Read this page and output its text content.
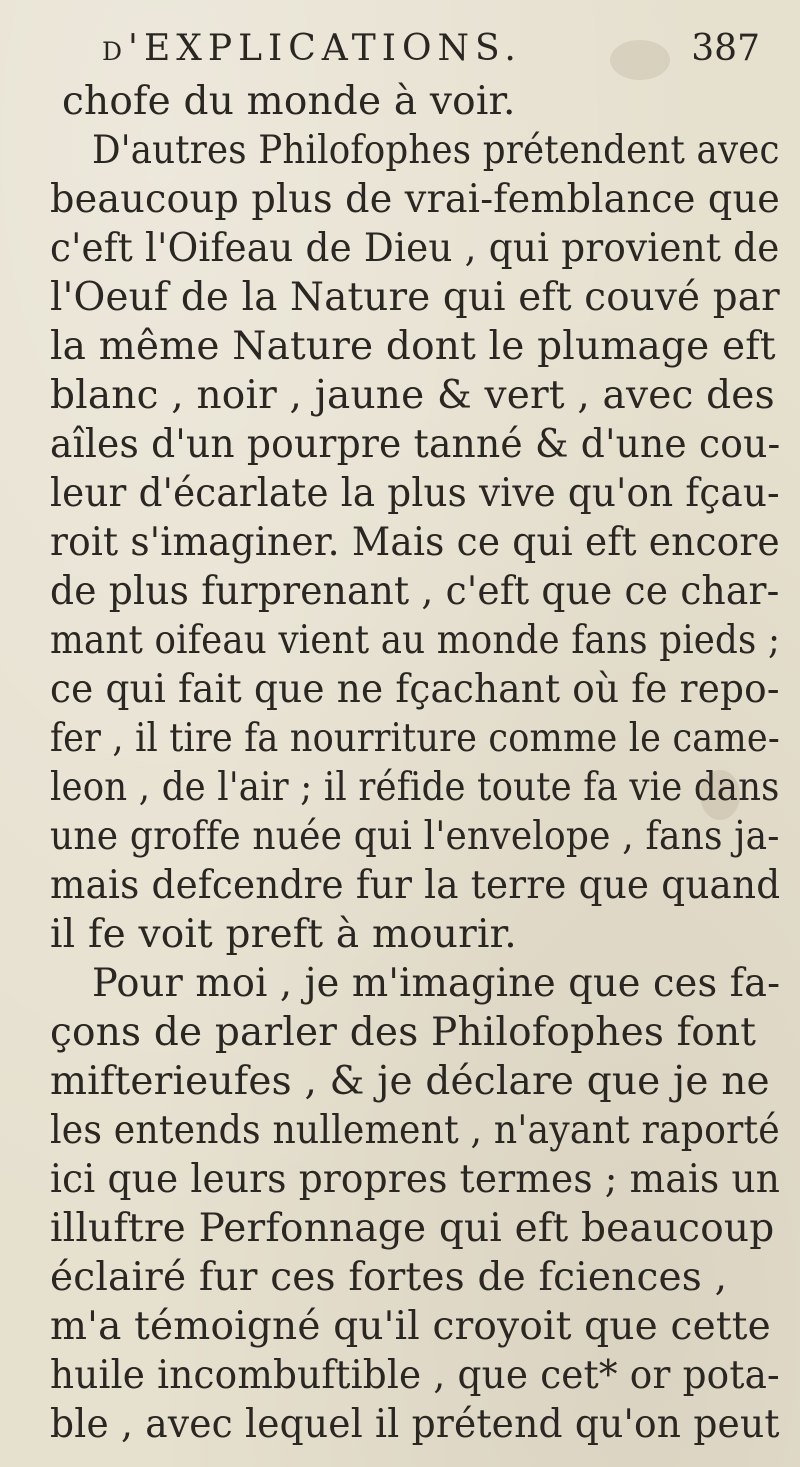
d'EXPLICATIONS.	387
chofe du monde à voir.
D'autres Philofophes prétendent avec
beaucoup plus de vrai-femblance que
c'eft l'Oifeau de Dieu , qui provient de
l'Oeuf de la Nature qui eft couvé par
la même Nature dont le plumage eft
blanc , noir , jaune & vert , avec des
aîles d'un pourpre tanné & d'une cou-
leur d'écarlate la plus vive qu'on fçau-
roit s'imaginer. Mais ce qui eft encore
de plus furprenant , c'eft que ce char-
mant oifeau vient au monde fans pieds ;
ce qui fait que ne fçachant où fe repo-
fer , il tire fa nourriture comme le came-
leon , de l'air ; il réfide toute fa vie dans
une groffe nuée qui l'envelope , fans ja-
mais defcendre fur la terre que quand
il fe voit preft à mourir.
Pour moi , je m'imagine que ces fa-
çons de parler des Philofophes font
mifterieufes , & je déclare que je ne
les entends nullement , n'ayant raporté
ici que leurs propres termes ; mais un
illuftre Perfonnage qui eft beaucoup
éclairé fur ces fortes de fciences ,
m'a témoigné qu'il croyoit que cette
huile incombuftible , que cet* or pota-
ble , avec lequel il prétend qu'on peut
